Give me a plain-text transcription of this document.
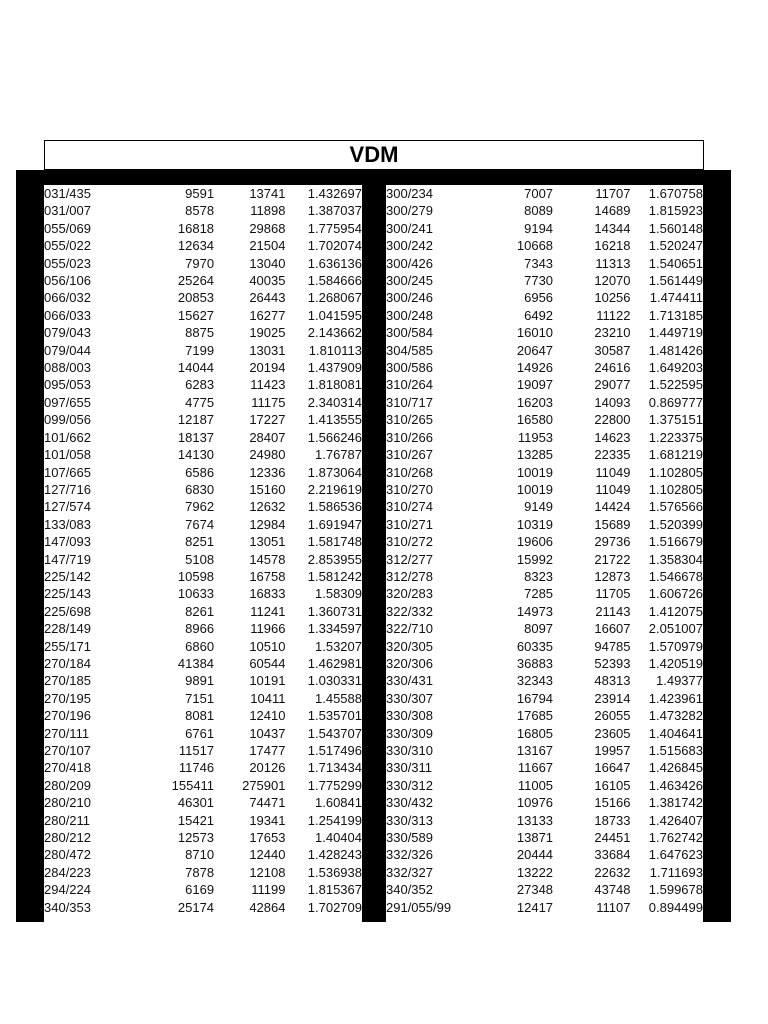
VDM
031/435	9591	13741	1.432697
031/007	8578	11898	1.387037
055/069	16818	29868	1.775954
055/022	12634	21504	1.702074
055/023	7970	13040	1.636136
056/106	25264	40035	1.584666
066/032	20853	26443	1.268067
066/033	15627	16277	1.041595
079/043	8875	19025	2.143662
079/044	7199	13031	1.810113
088/003	14044	20194	1.437909
095/053	6283	11423	1.818081
097/655	4775	11175	2.340314
099/056	12187	17227	1.413555
101/662	18137	28407	1.566246
101/058	14130	24980	1.76787
107/665	6586	12336	1.873064
127/716	6830	15160	2.219619
127/574	7962	12632	1.586536
133/083	7674	12984	1.691947
147/093	8251	13051	1.581748
147/719	5108	14578	2.853955
225/142	10598	16758	1.581242
225/143	10633	16833	1.58309
225/698	8261	11241	1.360731
228/149	8966	11966	1.334597
255/171	6860	10510	1.53207
270/184	41384	60544	1.462981
270/185	9891	10191	1.030331
270/195	7151	10411	1.45588
270/196	8081	12410	1.535701
270/111	6761	10437	1.543707
270/107	11517	17477	1.517496
270/418	11746	20126	1.713434
280/209	155411	275901	1.775299
280/210	46301	74471	1.60841
280/211	15421	19341	1.254199
280/212	12573	17653	1.40404
280/472	8710	12440	1.428243
284/223	7878	12108	1.536938
294/224	6169	11199	1.815367
340/353	25174	42864	1.702709
300/234	7007	11707	1.670758
300/279	8089	14689	1.815923
300/241	9194	14344	1.560148
300/242	10668	16218	1.520247
300/426	7343	11313	1.540651
300/245	7730	12070	1.561449
300/246	6956	10256	1.474411
300/248	6492	11122	1.713185
300/584	16010	23210	1.449719
304/585	20647	30587	1.481426
300/586	14926	24616	1.649203
310/264	19097	29077	1.522595
310/717	16203	14093	0.869777
310/265	16580	22800	1.375151
310/266	11953	14623	1.223375
310/267	13285	22335	1.681219
310/268	10019	11049	1.102805
310/270	10019	11049	1.102805
310/274	9149	14424	1.576566
310/271	10319	15689	1.520399
310/272	19606	29736	1.516679
312/277	15992	21722	1.358304
312/278	8323	12873	1.546678
320/283	7285	11705	1.606726
322/332	14973	21143	1.412075
322/710	8097	16607	2.051007
320/305	60335	94785	1.570979
320/306	36883	52393	1.420519
330/431	32343	48313	1.49377
330/307	16794	23914	1.423961
330/308	17685	26055	1.473282
330/309	16805	23605	1.404641
330/310	13167	19957	1.515683
330/311	11667	16647	1.426845
330/312	11005	16105	1.463426
330/432	10976	15166	1.381742
330/313	13133	18733	1.426407
330/589	13871	24451	1.762742
332/326	20444	33684	1.647623
332/327	13222	22632	1.711693
340/352	27348	43748	1.599678
291/055/99	12417	11107	0.894499
